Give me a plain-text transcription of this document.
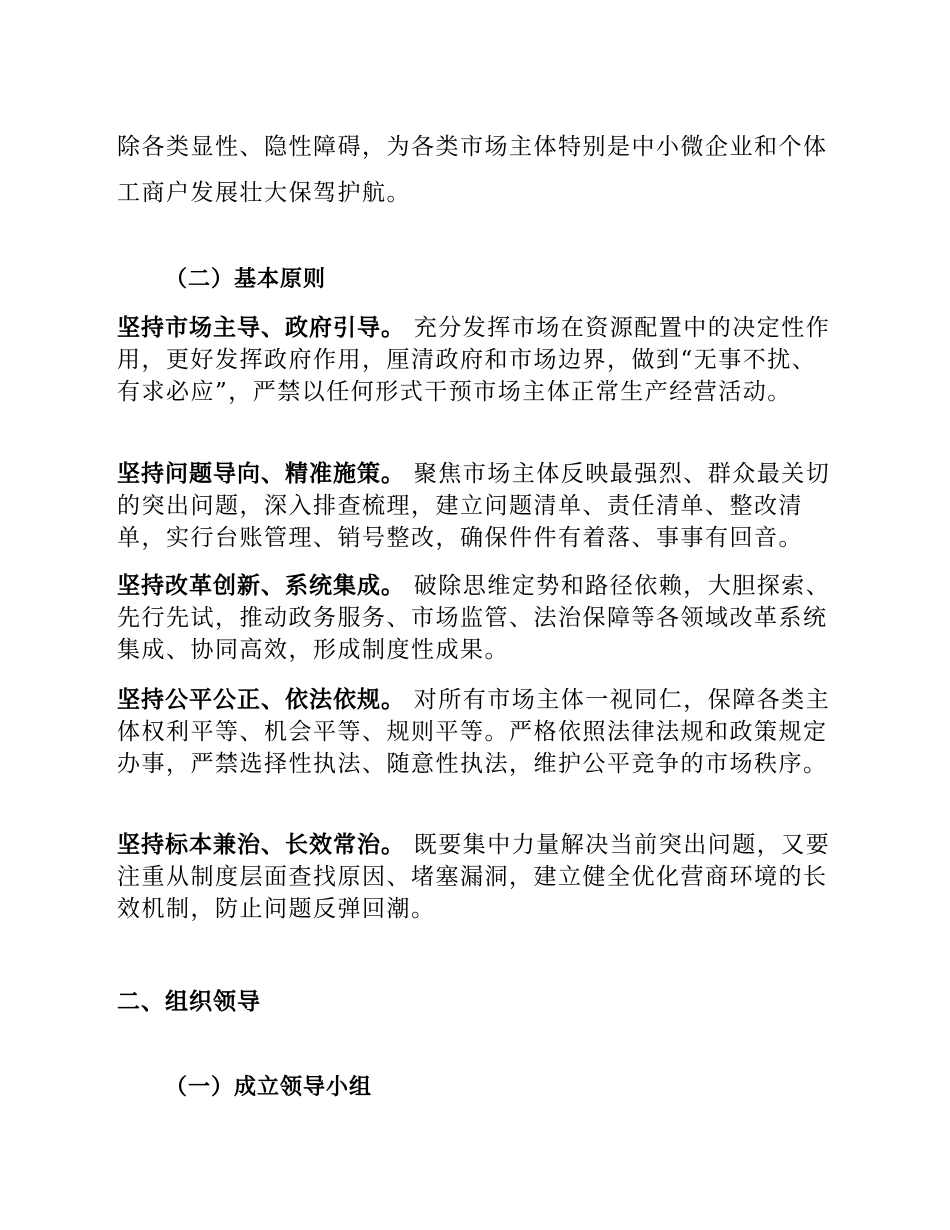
除各类显性、隐性障碍，为各类市场主体特别是中小微企业和个体工商户发展壮大保驾护航。

（二）基本原则

坚持市场主导、政府引导。 充分发挥市场在资源配置中的决定性作用，更好发挥政府作用，厘清政府和市场边界，做到“无事不扰、有求必应”，严禁以任何形式干预市场主体正常生产经营活动。

坚持问题导向、精准施策。 聚焦市场主体反映最强烈、群众最关切的突出问题，深入排查梳理，建立问题清单、责任清单、整改清单，实行台账管理、销号整改，确保件件有着落、事事有回音。

坚持改革创新、系统集成。 破除思维定势和路径依赖，大胆探索、先行先试，推动政务服务、市场监管、法治保障等各领域改革系统集成、协同高效，形成制度性成果。

坚持公平公正、依法依规。 对所有市场主体一视同仁，保障各类主体权利平等、机会平等、规则平等。严格依照法律法规和政策规定办事，严禁选择性执法、随意性执法，维护公平竞争的市场秩序。

坚持标本兼治、长效常治。 既要集中力量解决当前突出问题，又要注重从制度层面查找原因、堵塞漏洞，建立健全优化营商环境的长效机制，防止问题反弹回潮。

二、组织领导
（一）成立领导小组
